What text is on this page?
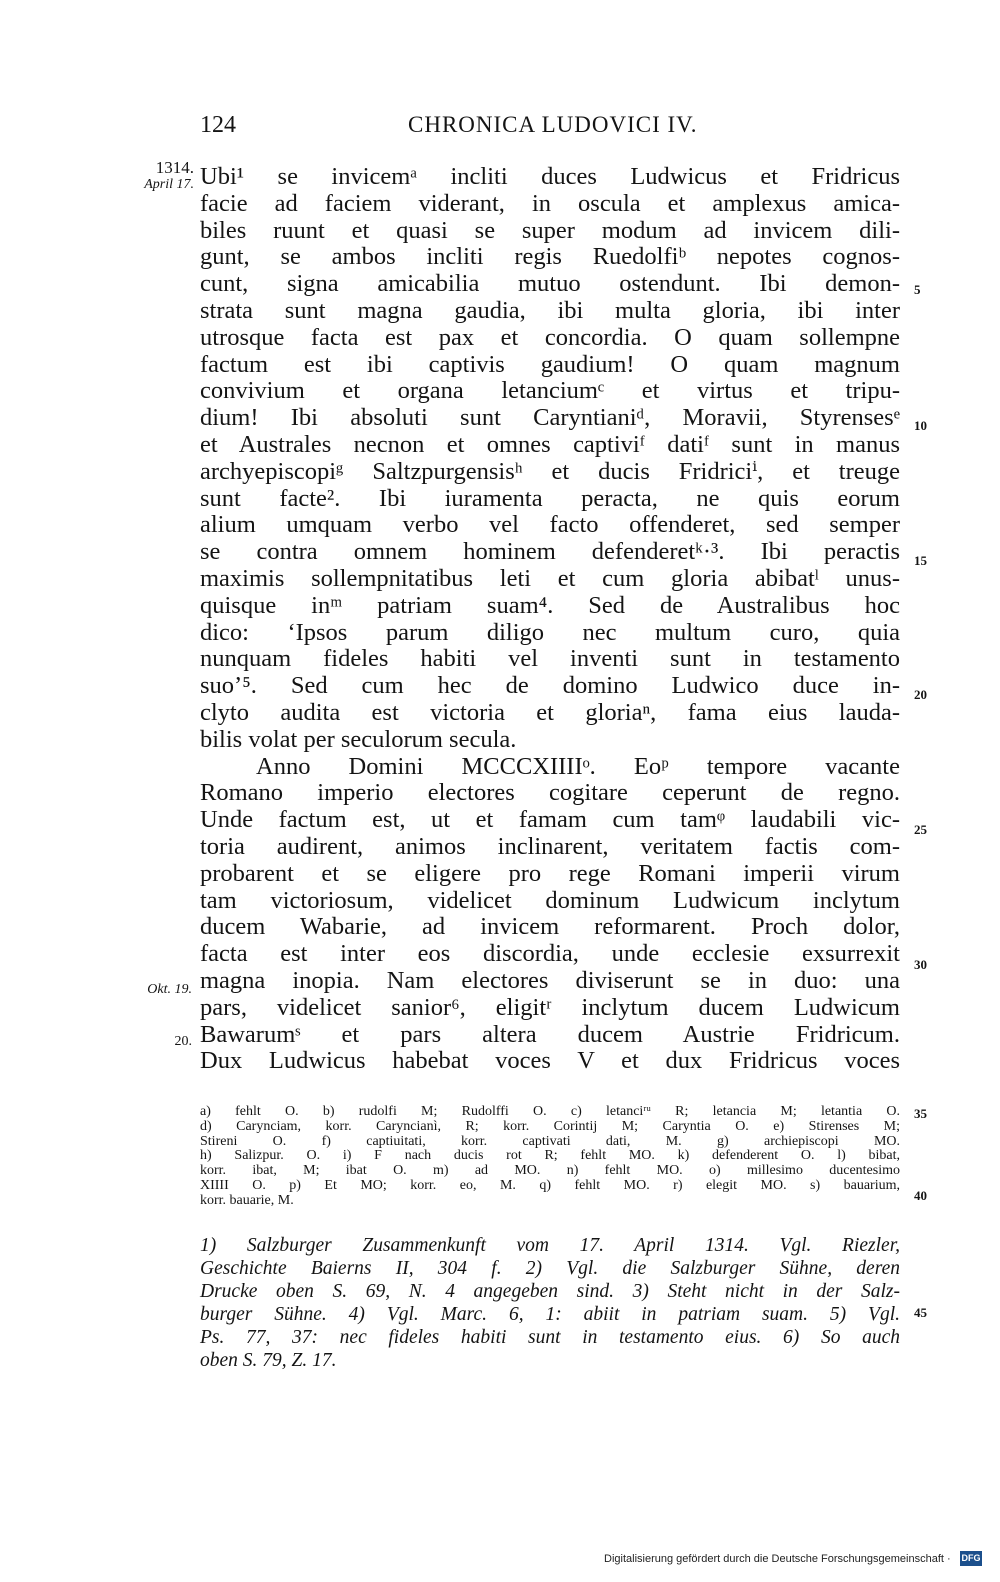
124	CHRONICA LUDOVICI IV.
1314.
April 17.
Okt. 19.
20.
Ubi¹ se invicemᵃ incliti duces Ludwicus et Fridricus
facie ad faciem viderant, in oscula et amplexus amica-
biles ruunt et quasi se super modum ad invicem dili-
gunt, se ambos incliti regis Ruedolfiᵇ nepotes cognos-
cunt, signa amicabilia mutuo ostendunt. Ibi demon-
strata sunt magna gaudia, ibi multa gloria, ibi inter
utrosque facta est pax et concordia. O quam sollempne
factum est ibi captivis gaudium! O quam magnum
convivium et organa letanciumᶜ et virtus et tripu-
dium! Ibi absoluti sunt Caryntianiᵈ, Moravii, Styrensesᵉ
et Australes necnon et omnes captiviᶠ datiᶠ sunt in manus
archyepiscopiᵍ Saltzpurgensisʰ et ducis Fridriciⁱ, et treuge
sunt facte². Ibi iuramenta peracta, ne quis eorum
alium umquam verbo vel facto offenderet, sed semper
se contra omnem hominem defenderetᵏ·³. Ibi peractis
maximis sollempnitatibus leti et cum gloria abibatˡ unus-
quisque inᵐ patriam suam⁴. Sed de Australibus hoc
dico: ‘Ipsos parum diligo nec multum curo, quia
nunquam fideles habiti vel inventi sunt in testamento
suo’⁵. Sed cum hec de domino Ludwico duce in-
clyto audita est victoria et gloriaⁿ, fama eius lauda-
bilis volat per seculorum secula.
Anno Domini MCCCXIIIIᵒ. Eoᵖ tempore vacante
Romano imperio electores cogitare ceperunt de regno.
Unde factum est, ut et famam cum tamᵠ laudabili vic-
toria audirent, animos inclinarent, veritatem factis com-
probarent et se eligere pro rege Romani imperii virum
tam victoriosum, videlicet dominum Ludwicum inclytum
ducem Wabarie, ad invicem reformarent. Proch dolor,
facta est inter eos discordia, unde ecclesie exsurrexit
magna inopia. Nam electores diviserunt se in duo: una
pars, videlicet sanior⁶, eligitʳ inclytum ducem Ludwicum
Bawarumˢ et pars altera ducem Austrie Fridricum.
Dux Ludwicus habebat voces V et dux Fridricus voces
5
10
15
20
25
30
35
40
45
a) fehlt O. b) rudolfi M; Rudolffi O. c) letanciʳᵘ R; letancia M; letantia O.
d) Carynciam, korr. Caryncianì, R; korr. Corintij M; Caryntia O. e) Stirenses M;
Stireni O. f) captiuitati, korr. captivati dati, M. g) archiepiscopi MO.
h) Salizpur. O. i) F nach ducis rot R; fehlt MO. k) defenderent O. l) bibat,
korr. ibat, M; ibat O. m) ad MO. n) fehlt MO. o) millesimo ducentesimo
XIIII O. p) Et MO; korr. eo, M. q) fehlt MO. r) elegit MO. s) bauarium,
korr. bauarie, M.
1) Salzburger Zusammenkunft vom 17. April 1314. Vgl. Riezler,
Geschichte Baierns II, 304 f. 2) Vgl. die Salzburger Sühne, deren
Drucke oben S. 69, N. 4 angegeben sind. 3) Steht nicht in der Salz-
burger Sühne. 4) Vgl. Marc. 6, 1: abiit in patriam suam. 5) Vgl.
Ps. 77, 37: nec fideles habiti sunt in testamento eius. 6) So auch
oben S. 79, Z. 17.
Digitalisierung gefördert durch die Deutsche Forschungsgemeinschaft · DFG
